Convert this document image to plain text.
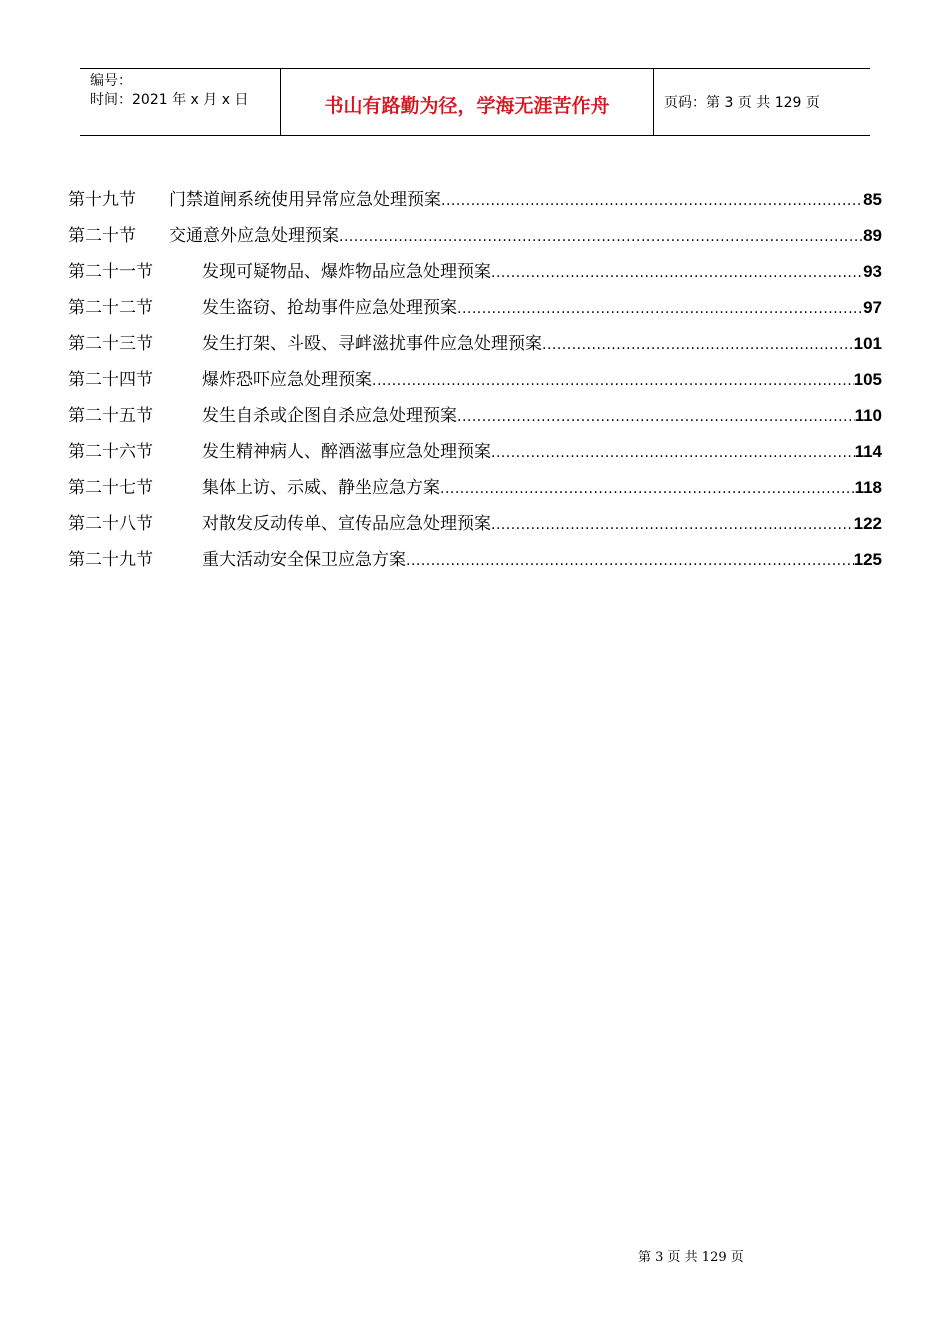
编号：
时间：2021 年 x 月 x 日	书山有路勤为径，学海无涯苦作舟	页码：第 3 页 共 129 页
第十九节	门禁道闸系统使用异常应急处理预案 .....	85
第二十节	交通意外应急处理预案 .....	89
第二十一节	发现可疑物品、爆炸物品应急处理预案 .....	93
第二十二节	发生盗窃、抢劫事件应急处理预案 .....	97
第二十三节	发生打架、斗殴、寻衅滋扰事件应急处理预案 .....	101
第二十四节	爆炸恐吓应急处理预案 .....	105
第二十五节	发生自杀或企图自杀应急处理预案 .....	110
第二十六节	发生精神病人、醉酒滋事应急处理预案 .....	114
第二十七节	集体上访、示威、静坐应急方案 .....	118
第二十八节	对散发反动传单、宣传品应急处理预案 .....	122
第二十九节	重大活动安全保卫应急方案 .....	125
第 3 页 共 129 页
